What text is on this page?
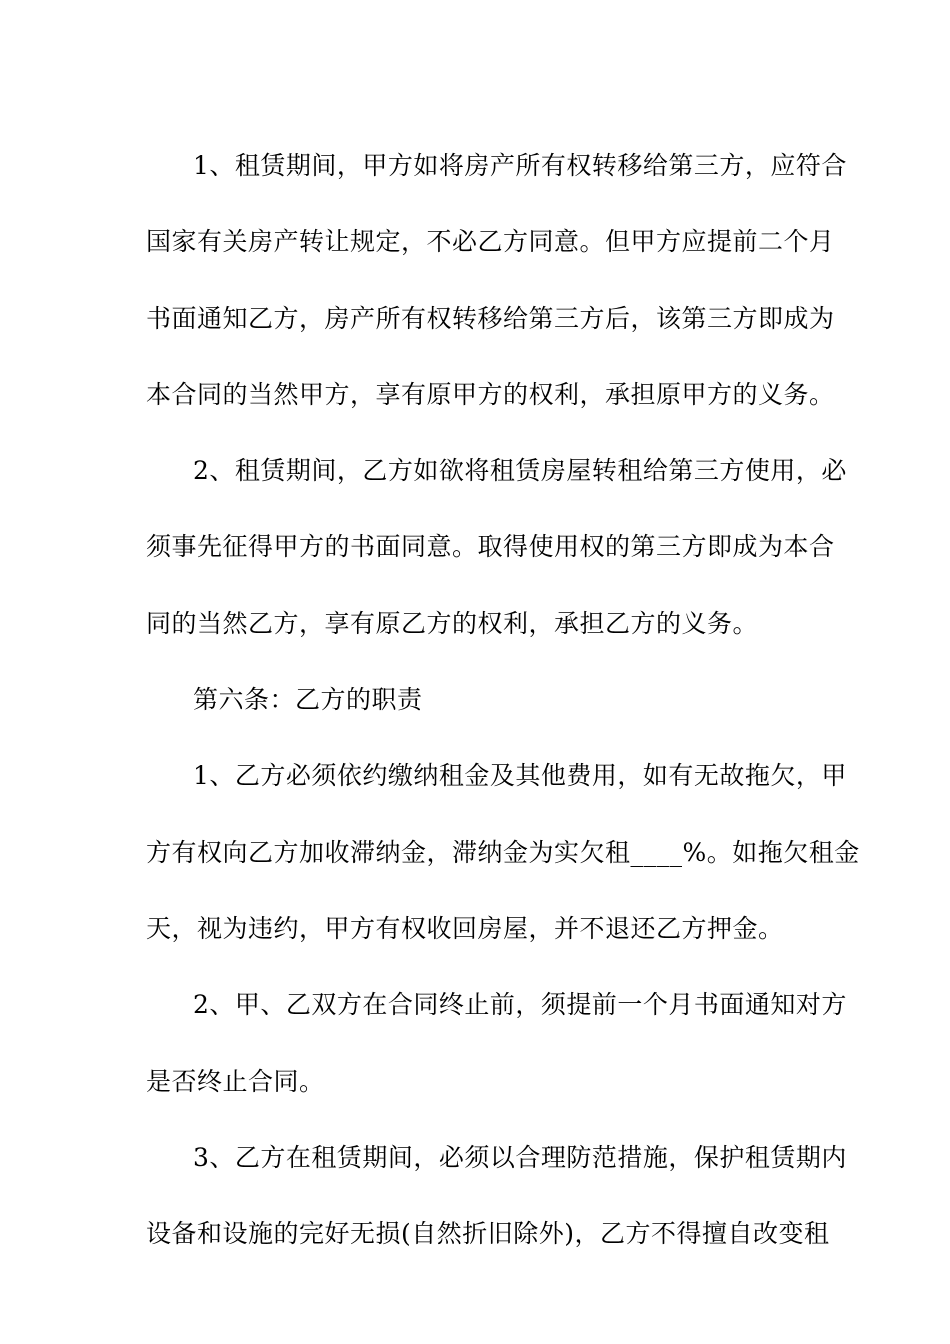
1、租赁期间，甲方如将房产所有权转移给第三方，应符合
国家有关房产转让规定，不必乙方同意。但甲方应提前二个月
书面通知乙方，房产所有权转移给第三方后，该第三方即成为
本合同的当然甲方，享有原甲方的权利，承担原甲方的义务。
2、租赁期间，乙方如欲将租赁房屋转租给第三方使用，必
须事先征得甲方的书面同意。取得使用权的第三方即成为本合
同的当然乙方，享有原乙方的权利，承担乙方的义务。
第六条：乙方的职责
1、乙方必须依约缴纳租金及其他费用，如有无故拖欠，甲
方有权向乙方加收滞纳金，滞纳金为实欠租____%。如拖欠租金
天，视为违约，甲方有权收回房屋，并不退还乙方押金。
2、甲、乙双方在合同终止前，须提前一个月书面通知对方
是否终止合同。
3、乙方在租赁期间，必须以合理防范措施，保护租赁期内
设备和设施的完好无损(自然折旧除外)，乙方不得擅自改变租
